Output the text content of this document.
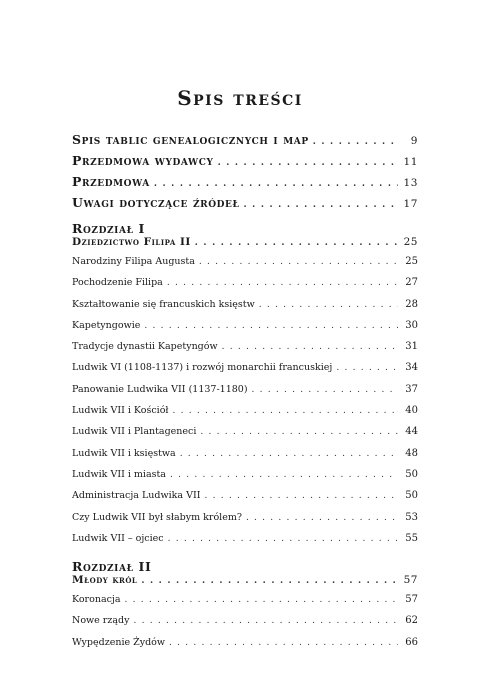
Spis treści
Spis tablic genealogicznych i map . . .	9
Przedmowa wydawcy . . .	11
Przedmowa . . .	13
Uwagi dotyczące źródeł . . .	17
Rozdział I
Dziedzictwo Filipa II . . .	25
Narodziny Filipa Augusta . . .	25
Pochodzenie Filipa . . .	27
Kształtowanie się francuskich księstw . . .	28
Kapetyngowie . . .	30
Tradycje dynastii Kapetyngów . . .	31
Ludwik VI (1108-1137) i rozwój monarchii francuskiej . . .	34
Panowanie Ludwika VII (1137-1180) . . .	37
Ludwik VII i Kościół . . .	40
Ludwik VII i Plantageneci . . .	44
Ludwik VII i księstwa . . .	48
Ludwik VII i miasta . . .	50
Administracja Ludwika VII . . .	50
Czy Ludwik VII był słabym królem? . . .	53
Ludwik VII – ojciec . . .	55
Rozdział II
Młody król . . .	57
Koronacja . . .	57
Nowe rządy . . .	62
Wypędzenie Żydów . . .	66
